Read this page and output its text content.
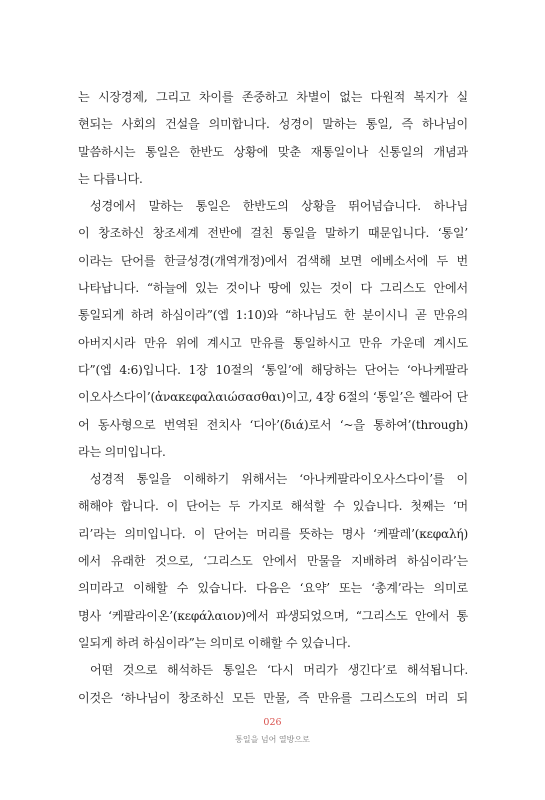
는 시장경제, 그리고 차이를 존중하고 차별이 없는 다원적 복지가 실
현되는 사회의 건설을 의미합니다. 성경이 말하는 통일, 즉 하나님이
말씀하시는 통일은 한반도 상황에 맞춘 재통일이나 신통일의 개념과
는 다릅니다.
성경에서 말하는 통일은 한반도의 상황을 뛰어넘습니다. 하나님
이 창조하신 창조세계 전반에 걸친 통일을 말하기 때문입니다. ‘통일’
이라는 단어를 한글성경(개역개정)에서 검색해 보면 에베소서에 두 번
나타납니다. “하늘에 있는 것이나 땅에 있는 것이 다 그리스도 안에서
통일되게 하려 하심이라”(엡 1:10)와 “하나님도 한 분이시니 곧 만유의
아버지시라 만유 위에 계시고 만유를 통일하시고 만유 가운데 계시도
다”(엡 4:6)입니다. 1장 10절의 ‘통일’에 해당하는 단어는 ‘아나케팔라
이오사스다이’(ἀνακεφαλαιώσασθαι)이고, 4장 6절의 ‘통일’은 헬라어 단
어 동사형으로 번역된 전치사 ‘디아’(διά)로서 ‘~을 통하여’(through)
라는 의미입니다.
성경적 통일을 이해하기 위해서는 ‘아나케팔라이오사스다이’를 이
해해야 합니다. 이 단어는 두 가지로 해석할 수 있습니다. 첫째는 ‘머
리’라는 의미입니다. 이 단어는 머리를 뜻하는 명사 ‘케팔레’(κεφαλή)
에서 유래한 것으로, ‘그리스도 안에서 만물을 지배하려 하심이라’는
의미라고 이해할 수 있습니다. 다음은 ‘요약’ 또는 ‘총계’라는 의미로
명사 ‘케팔라이온’(κεφάλαιον)에서 파생되었으며, “그리스도 안에서 통
일되게 하려 하심이라”는 의미로 이해할 수 있습니다.
어떤 것으로 해석하든 통일은 ‘다시 머리가 생긴다’로 해석됩니다.
이것은 ‘하나님이 창조하신 모든 만물, 즉 만유를 그리스도의 머리 되
026
통일을 넘어 열방으로
